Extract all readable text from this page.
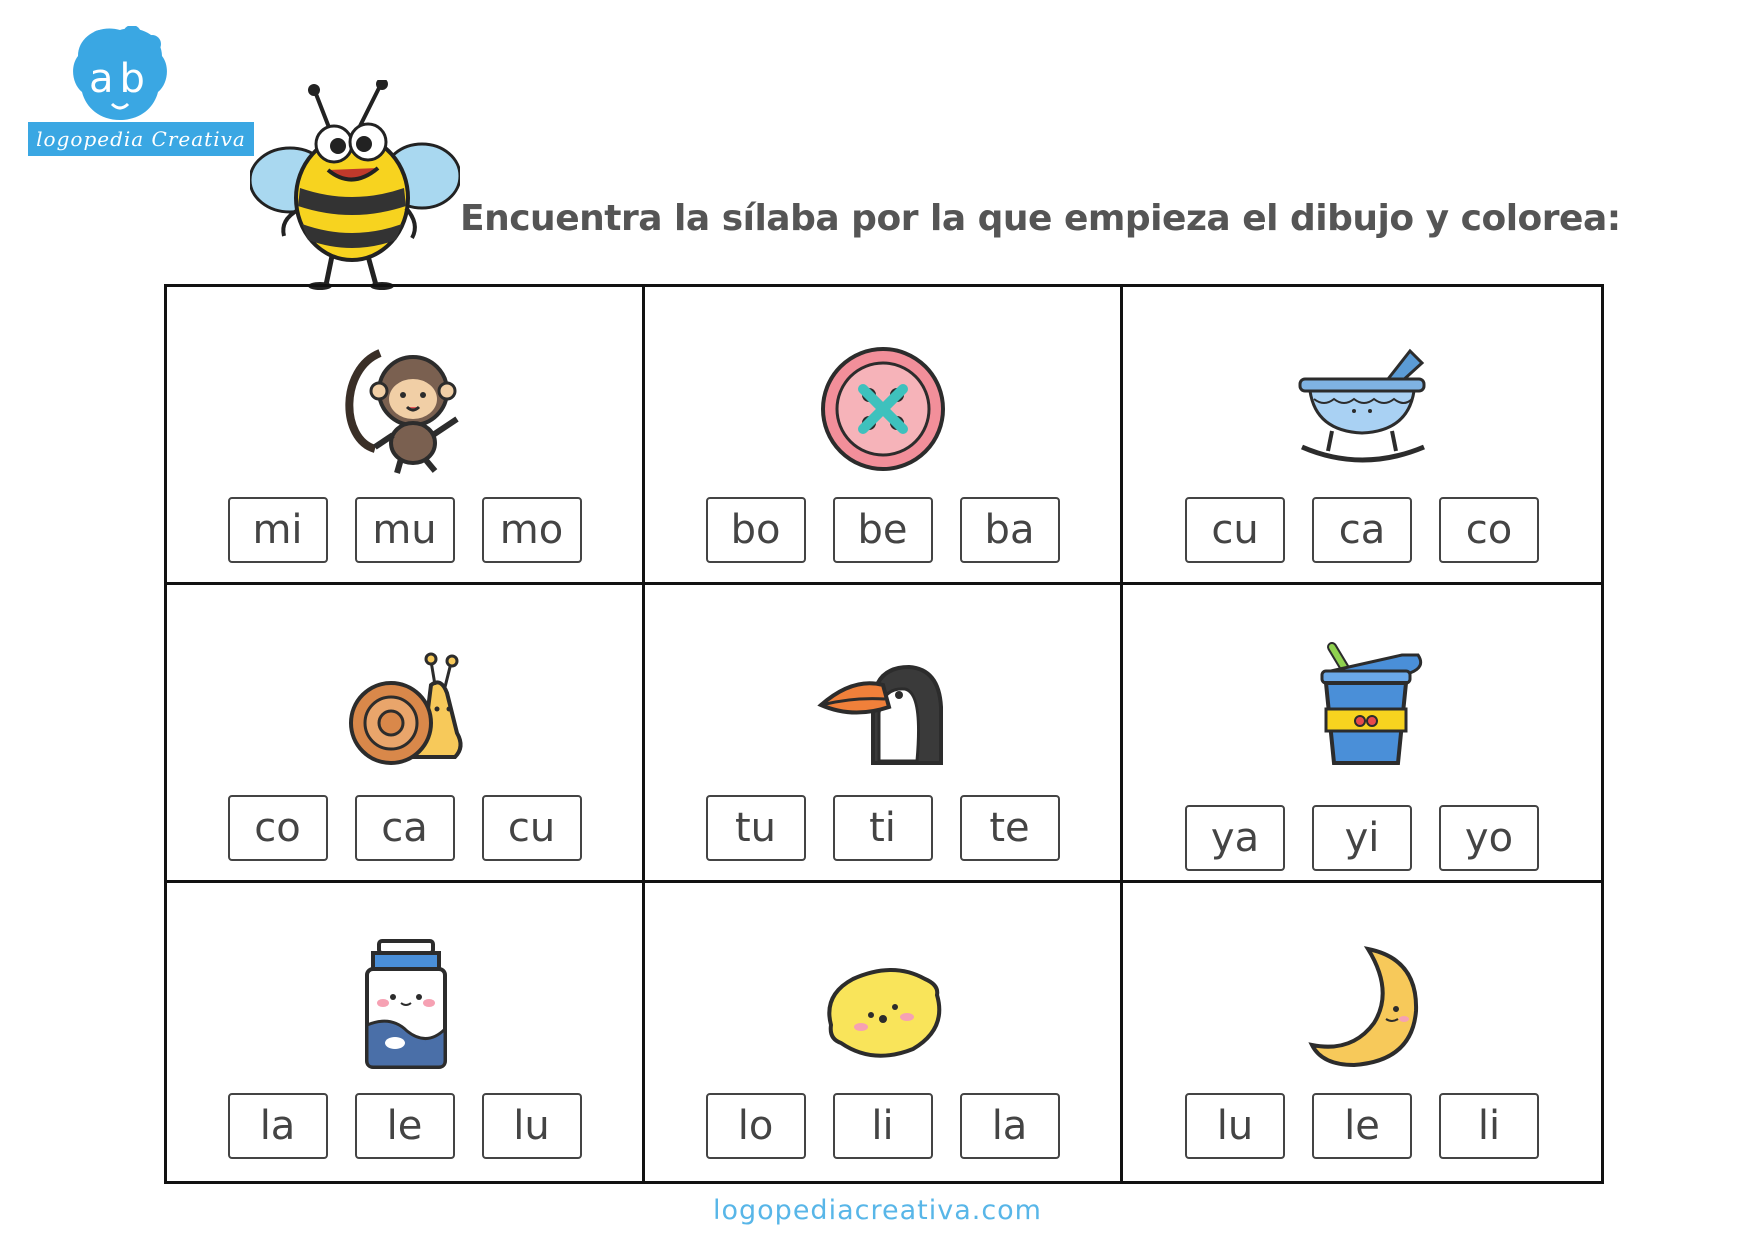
ab
logopedia Creativa
Encuentra la sílaba por la que empieza el dibujo y colorea:
mi	mu	mo	bo	be	ba	cu	ca	co
co	ca	cu	tu	ti	te	ya	yi	yo
la	le	lu	lo	li	la	lu	le	li
logopediacreativa.com
